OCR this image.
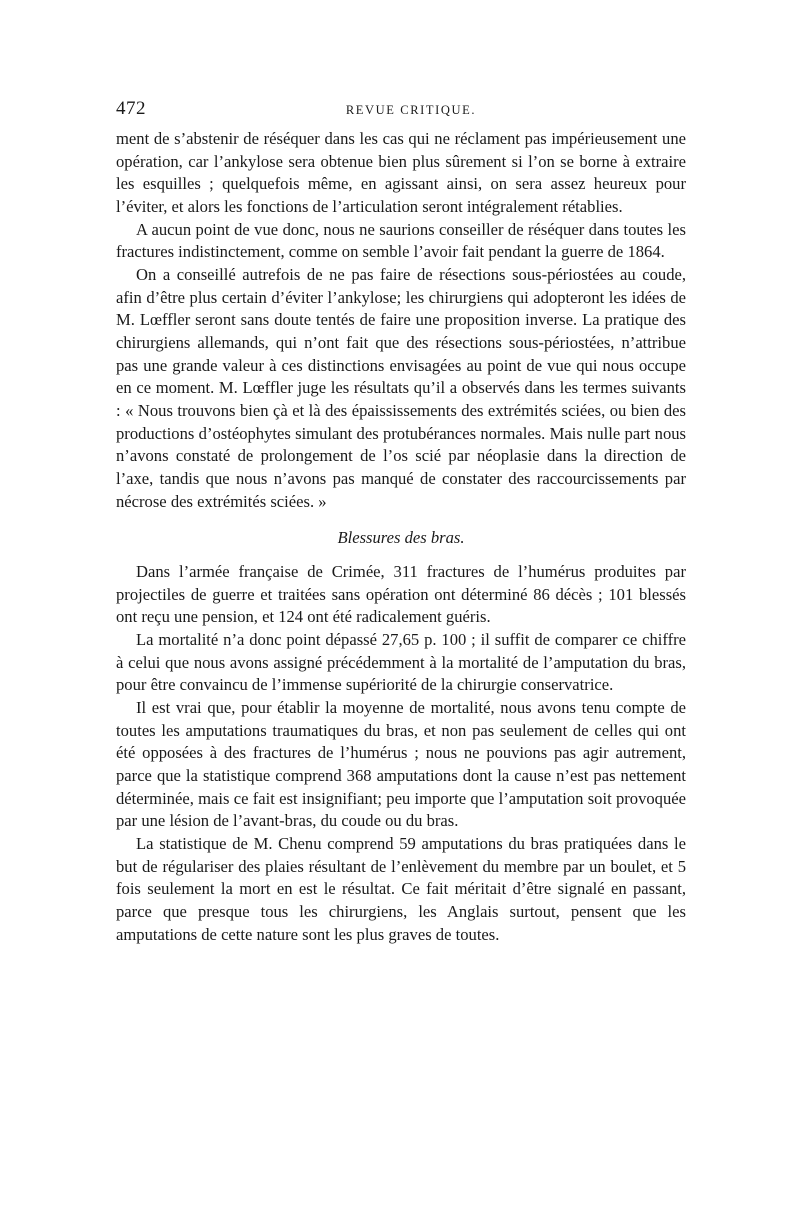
472	REVUE CRITIQUE.

ment de s’abstenir de réséquer dans les cas qui ne réclament pas impérieusement une opération, car l’ankylose sera obtenue bien plus sûrement si l’on se borne à extraire les esquilles ; quelquefois même, en agissant ainsi, on sera assez heureux pour l’éviter, et alors les fonctions de l’articulation seront intégralement rétablies.

A aucun point de vue donc, nous ne saurions conseiller de réséquer dans toutes les fractures indistinctement, comme on semble l’avoir fait pendant la guerre de 1864.

On a conseillé autrefois de ne pas faire de résections sous-périostées au coude, afin d’être plus certain d’éviter l’ankylose; les chirurgiens qui adopteront les idées de M. Lœffler seront sans doute tentés de faire une proposition inverse. La pratique des chirurgiens allemands, qui n’ont fait que des résections sous-périostées, n’attribue pas une grande valeur à ces distinctions envisagées au point de vue qui nous occupe en ce moment. M. Lœffler juge les résultats qu’il a observés dans les termes suivants : « Nous trouvons bien çà et là des épaississements des extrémités sciées, ou bien des productions d’ostéophytes simulant des protubérances normales. Mais nulle part nous n’avons constaté de prolongement de l’os scié par néoplasie dans la direction de l’axe, tandis que nous n’avons pas manqué de constater des raccourcissements par nécrose des extrémités sciées. »

Blessures des bras.

Dans l’armée française de Crimée, 311 fractures de l’humérus produites par projectiles de guerre et traitées sans opération ont déterminé 86 décès ; 101 blessés ont reçu une pension, et 124 ont été radicalement guéris.

La mortalité n’a donc point dépassé 27,65 p. 100 ; il suffit de comparer ce chiffre à celui que nous avons assigné précédemment à la mortalité de l’amputation du bras, pour être convaincu de l’immense supériorité de la chirurgie conservatrice.

Il est vrai que, pour établir la moyenne de mortalité, nous avons tenu compte de toutes les amputations traumatiques du bras, et non pas seulement de celles qui ont été opposées à des fractures de l’humérus ; nous ne pouvions pas agir autrement, parce que la statistique comprend 368 amputations dont la cause n’est pas nettement déterminée, mais ce fait est insignifiant; peu importe que l’amputation soit provoquée par une lésion de l’avant-bras, du coude ou du bras.

La statistique de M. Chenu comprend 59 amputations du bras pratiquées dans le but de régulariser des plaies résultant de l’enlèvement du membre par un boulet, et 5 fois seulement la mort en est le résultat. Ce fait méritait d’être signalé en passant, parce que presque tous les chirurgiens, les Anglais surtout, pensent que les amputations de cette nature sont les plus graves de toutes.
